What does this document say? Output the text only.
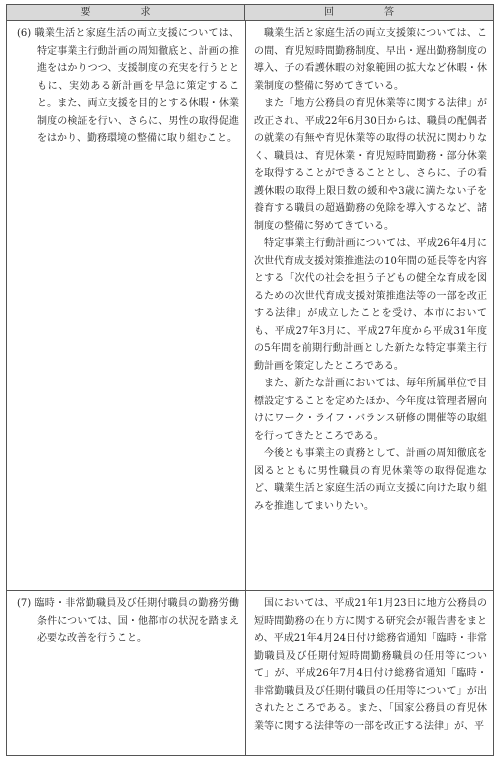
要　求	回　答

(6) 職業生活と家庭生活の両立支援については、特定事業主行動計画の周知徹底と、計画の推進をはかりつつ、支援制度の充実を行うとともに、実効ある新計画を早急に策定すること。また、両立支援を目的とする休暇・休業制度の検証を行い、さらに、男性の取得促進をはかり、勤務環境の整備に取り組むこと。

職業生活と家庭生活の両立支援策については、この間、育児短時間勤務制度、早出・遅出勤務制度の導入、子の看護休暇の対象範囲の拡大など休暇・休業制度の整備に努めてきている。

また「地方公務員の育児休業等に関する法律」が改正され、平成22年6月30日からは、職員の配偶者の就業の有無や育児休業等の取得の状況に関わりなく、職員は、育児休業・育児短時間勤務・部分休業を取得することができることとし、さらに、子の看護休暇の取得上限日数の緩和や3歳に満たない子を養育する職員の超過勤務の免除を導入するなど、諸制度の整備に努めてきている。

特定事業主行動計画については、平成26年4月に次世代育成支援対策推進法の10年間の延長等を内容とする「次代の社会を担う子どもの健全な育成を図るための次世代育成支援対策推進法等の一部を改正する法律」が成立したことを受け、本市においても、平成27年3月に、平成27年度から平成31年度の5年間を前期行動計画とした新たな特定事業主行動計画を策定したところである。

また、新たな計画においては、毎年所属単位で目標設定することを定めたほか、今年度は管理者層向けにワーク・ライフ・バランス研修の開催等の取組を行ってきたところである。

今後とも事業主の責務として、計画の周知徹底を図るとともに男性職員の育児休業等の取得促進など、職業生活と家庭生活の両立支援に向けた取り組みを推進してまいりたい。

(7) 臨時・非常勤職員及び任期付職員の勤務労働条件については、国・他都市の状況を踏まえ必要な改善を行うこと。

国においては、平成21年1月23日に地方公務員の短時間勤務の在り方に関する研究会が報告書をまとめ、平成21年4月24日付け総務省通知「臨時・非常勤職員及び任期付短時間勤務職員の任用等について」が、平成26年7月4日付け総務省通知「臨時・非常勤職員及び任期付職員の任用等について」が出されたところである。また、「国家公務員の育児休業等に関する法律等の一部を改正する法律」が、平
